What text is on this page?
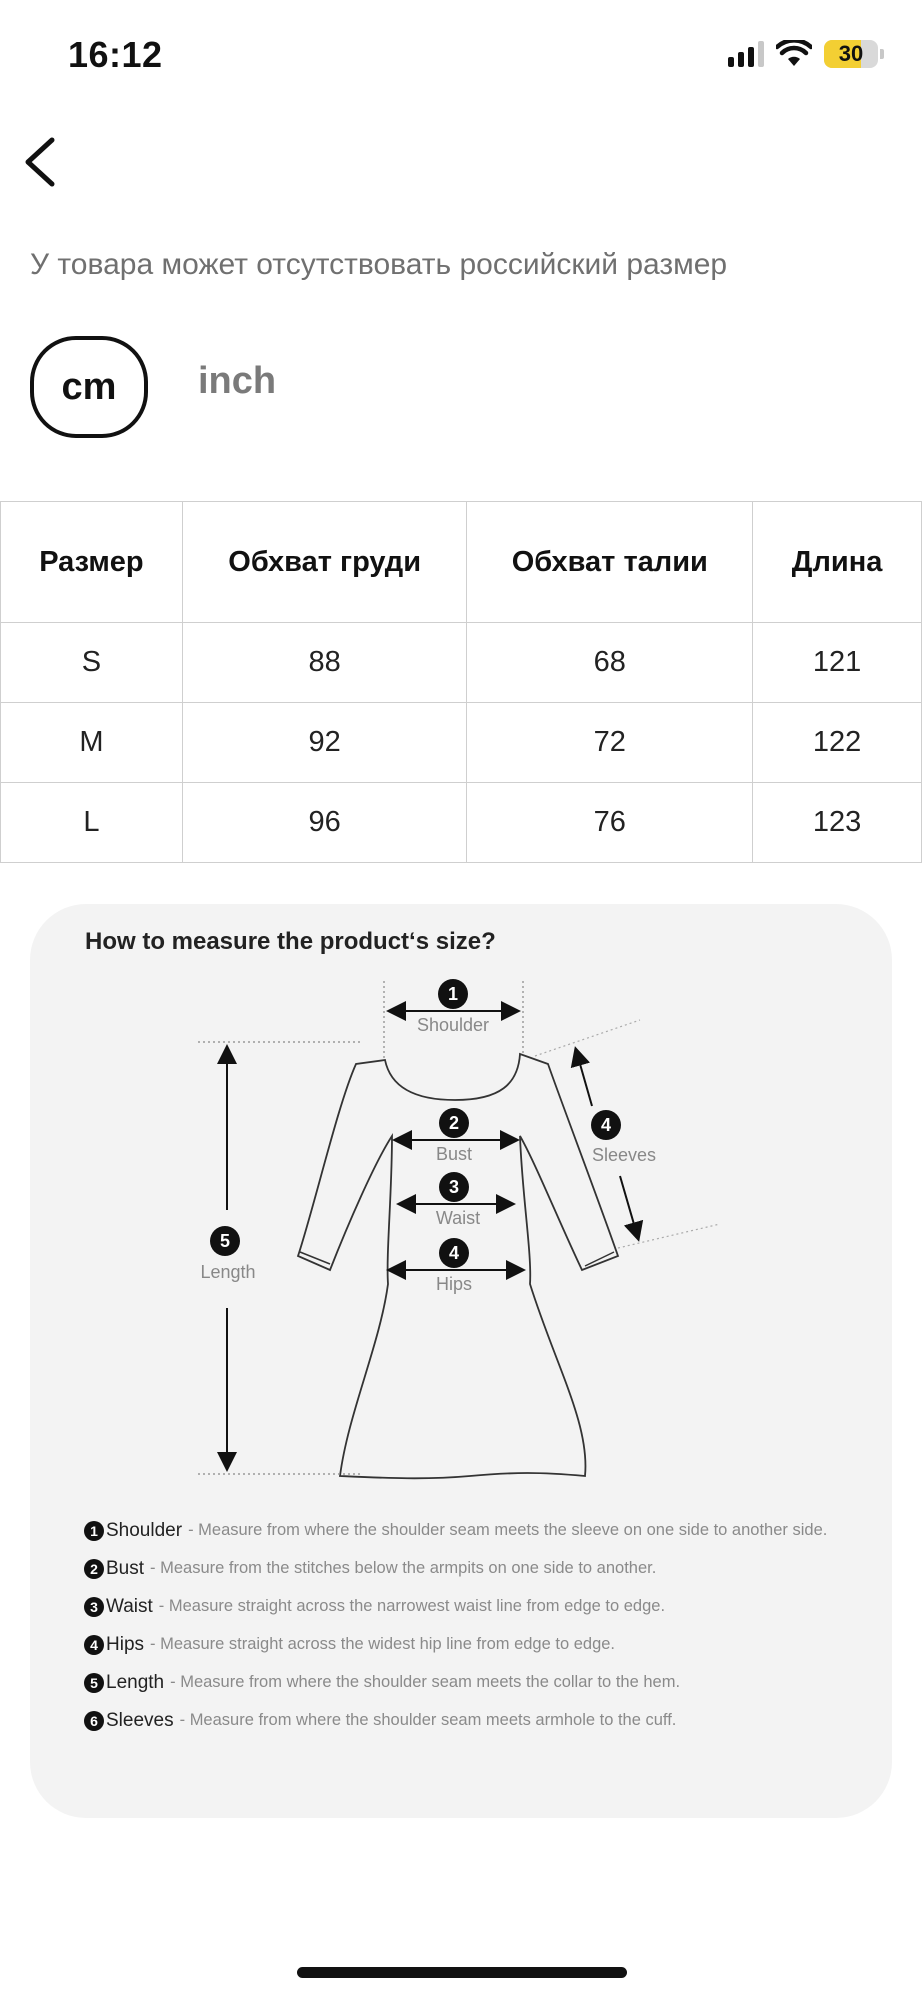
16:12	30
У товара может отсутствовать российский размер
cm	inch
Размер	Обхват груди	Обхват талии	Длина
S	88	68	121
M	92	72	122
L	96	76	123
How to measure the product‘s size?
1
Shoulder
2
Bust
3
Waist
4
Hips
5
Length
4
Sleeves
1 Shoulder - Measure from where the shoulder seam meets the sleeve on one side to another side.
2 Bust - Measure from the stitches below the armpits on one side to another.
3 Waist - Measure straight across the narrowest waist line from edge to edge.
4 Hips - Measure straight across the widest hip line from edge to edge.
5 Length - Measure from where the shoulder seam meets the collar to the hem.
6 Sleeves - Measure from where the shoulder seam meets armhole to the cuff.
